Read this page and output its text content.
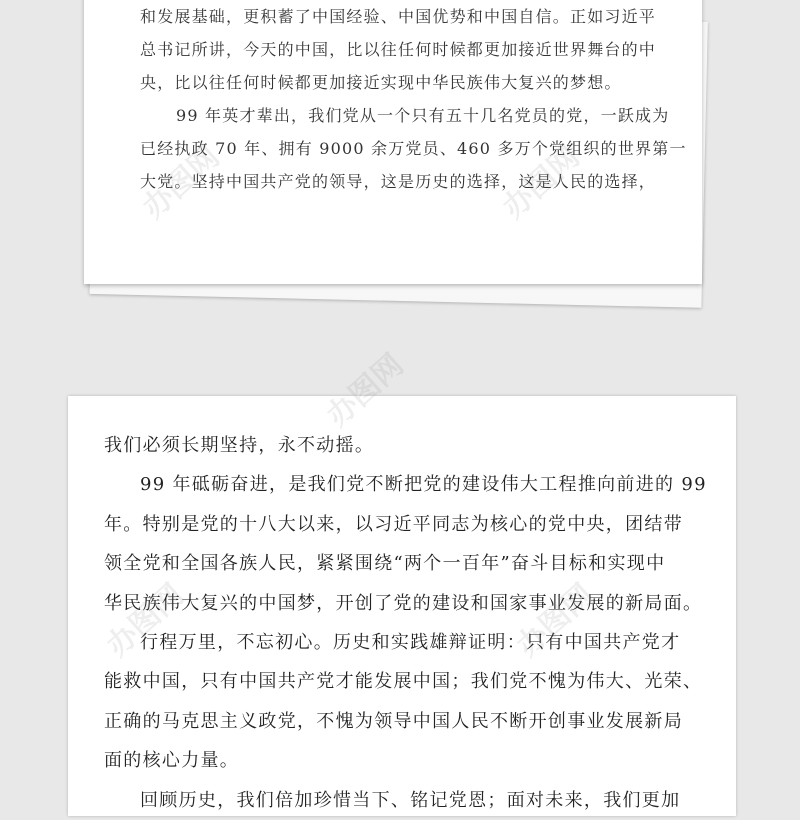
和发展基础，更积蓄了中国经验、中国优势和中国自信。正如习近平
总书记所讲，今天的中国，比以往任何时候都更加接近世界舞台的中
央，比以往任何时候都更加接近实现中华民族伟大复兴的梦想。
99 年英才辈出，我们党从一个只有五十几名党员的党，一跃成为
已经执政 70 年、拥有 9000 余万党员、460 多万个党组织的世界第一
大党。坚持中国共产党的领导，这是历史的选择，这是人民的选择，
办图网	办图网
我们必须长期坚持，永不动摇。
99 年砥砺奋进，是我们党不断把党的建设伟大工程推向前进的 99
年。特别是党的十八大以来，以习近平同志为核心的党中央，团结带
领全党和全国各族人民，紧紧围绕“两个一百年”奋斗目标和实现中
华民族伟大复兴的中国梦，开创了党的建设和国家事业发展的新局面。
行程万里，不忘初心。历史和实践雄辩证明：只有中国共产党才
能救中国，只有中国共产党才能发展中国；我们党不愧为伟大、光荣、
正确的马克思主义政党，不愧为领导中国人民不断开创事业发展新局
面的核心力量。
回顾历史，我们倍加珍惜当下、铭记党恩；面对未来，我们更加
办图网
办图网	办图网
